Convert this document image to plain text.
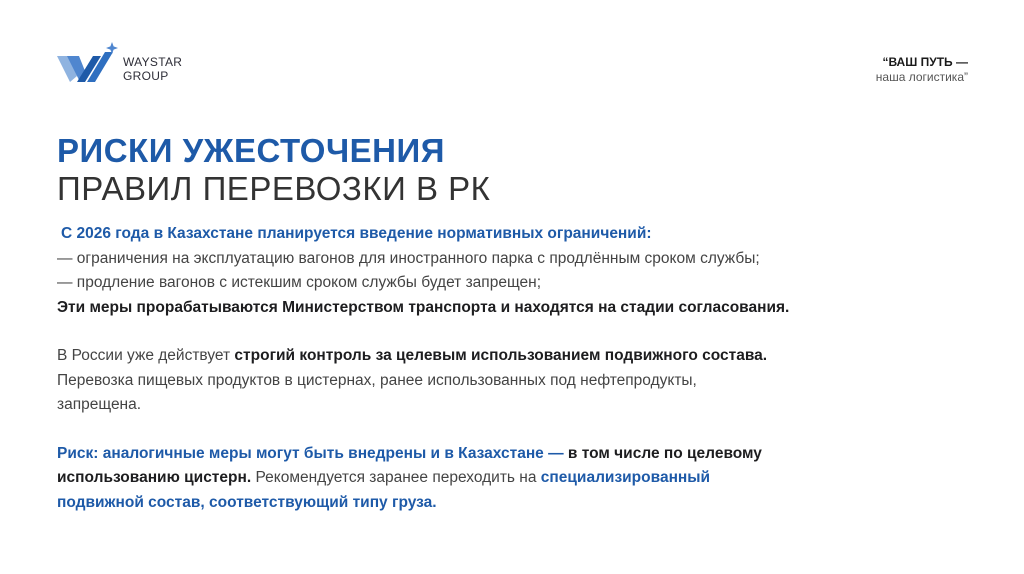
WAYSTAR
GROUP
“ВАШ ПУТЬ —
наша логистика”
РИСКИ УЖЕСТОЧЕНИЯ
ПРАВИЛ ПЕРЕВОЗКИ В РК

С 2026 года в Казахстане планируется введение нормативных ограничений:

— ограничения на эксплуатацию вагонов для иностранного парка с продлённым сроком службы;

— продление вагонов с истекшим сроком службы будет запрещен;

Эти меры прорабатываются Министерством транспорта и находятся на стадии согласования.

В России уже действует строгий контроль за целевым использованием подвижного состава.

Перевозка пищевых продуктов в цистернах, ранее использованных под нефтепродукты,

запрещена.

Риск: аналогичные меры могут быть внедрены и в Казахстане — в том числе по целевому

использованию цистерн. Рекомендуется заранее переходить на специализированный

подвижной состав, соответствующий типу груза.
